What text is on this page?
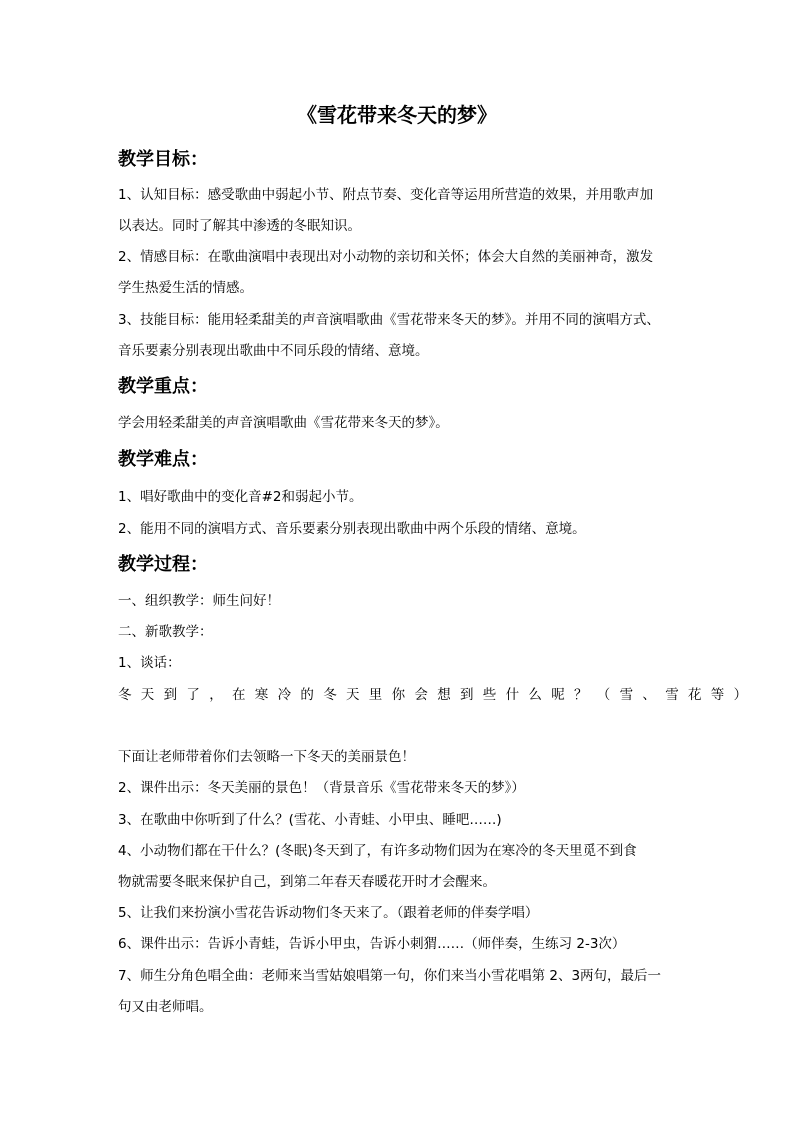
《雪花带来冬天的梦》
教学目标：
1、认知目标：感受歌曲中弱起小节、附点节奏、变化音等运用所营造的效果，并用歌声加
以表达。同时了解其中渗透的冬眠知识。
2、情感目标：在歌曲演唱中表现出对小动物的亲切和关怀；体会大自然的美丽神奇，激发
学生热爱生活的情感。
3、技能目标：能用轻柔甜美的声音演唱歌曲《雪花带来冬天的梦》。并用不同的演唱方式、
音乐要素分别表现出歌曲中不同乐段的情绪、意境。
教学重点：
学会用轻柔甜美的声音演唱歌曲《雪花带来冬天的梦》。
教学难点：
1、唱好歌曲中的变化音#2和弱起小节。
2、能用不同的演唱方式、音乐要素分别表现出歌曲中两个乐段的情绪、意境。
教学过程：
一、组织教学：师生问好！
二、新歌教学：
1、谈话：
冬天到了，在寒冷的冬天里你会想到些什么呢？（雪、雪花等）
下面让老师带着你们去领略一下冬天的美丽景色！
2、课件出示：冬天美丽的景色！（背景音乐《雪花带来冬天的梦》）
3、在歌曲中你听到了什么？(雪花、小青蛙、小甲虫、睡吧……)
4、小动物们都在干什么？(冬眠)冬天到了，有许多动物们因为在寒冷的冬天里觅不到食
物就需要冬眠来保护自己，到第二年春天春暖花开时才会醒来。
5、让我们来扮演小雪花告诉动物们冬天来了。（跟着老师的伴奏学唱）
6、课件出示：告诉小青蛙，告诉小甲虫，告诉小刺猬……（师伴奏，生练习 2-3次）
7、师生分角色唱全曲：老师来当雪姑娘唱第一句，你们来当小雪花唱第 2、3两句，最后一
句又由老师唱。
